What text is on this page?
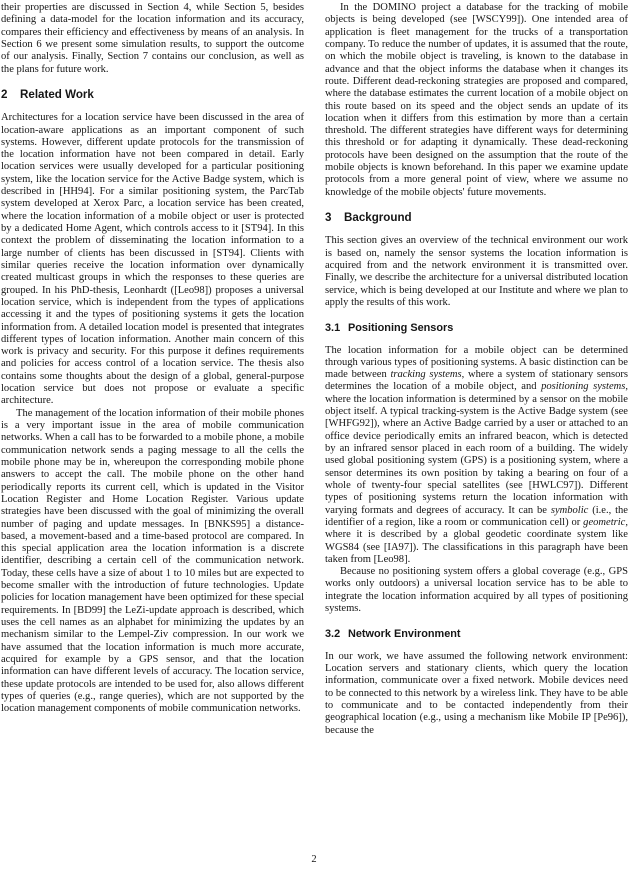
their properties are discussed in Section 4, while Section 5, besides defining a data-model for the location information and its accuracy, compares their efficiency and effectiveness by means of an analysis. In Section 6 we present some simulation results, to support the outcome of our analysis. Finally, Section 7 contains our conclusion, as well as the plans for future work.

2 Related Work

Architectures for a location service have been discussed in the area of location-aware applications as an important component of such systems. However, different update protocols for the transmission of the location information have not been compared in detail. Early location services were usually developed for a particular positioning system, like the location service for the Active Badge system, which is described in [HH94]. For a similar positioning system, the ParcTab system developed at Xerox Parc, a location service has been created, where the location information of a mobile object or user is protected by a dedicated Home Agent, which controls access to it [ST94]. In this context the problem of disseminating the location information to a large number of clients has been discussed in [ST94]. Clients with similar queries receive the location information over dynamically created multicast groups in which the responses to these queries are grouped. In his PhD-thesis, Leonhardt ([Leo98]) proposes a universal location service, which is independent from the types of applications accessing it and the types of positioning systems it gets the location information from. A detailed location model is presented that integrates different types of location information. Another main concern of this work is privacy and security. For this purpose it defines requirements and policies for access control of a location service. The thesis also contains some thoughts about the design of a global, general-purpose location service but does not propose or evaluate a specific architecture.

The management of the location information of their mobile phones is a very important issue in the area of mobile communication networks. When a call has to be forwarded to a mobile phone, a mobile communication network sends a paging message to all the cells the mobile phone may be in, whereupon the corresponding mobile phone answers to accept the call. The mobile phone on the other hand periodically reports its current cell, which is updated in the Visitor Location Register and Home Location Register. Various update strategies have been discussed with the goal of minimizing the overall number of paging and update messages. In [BNKS95] a distance-based, a movement-based and a time-based protocol are compared. In this special application area the location information is a discrete identifier, describing a certain cell of the communication network. Today, these cells have a size of about 1 to 10 miles but are expected to become smaller with the introduction of future technologies. Update policies for location management have been optimized for these special requirements. In [BD99] the LeZi-update approach is described, which uses the cell names as an alphabet for minimizing the updates by an mechanism similar to the Lempel-Ziv compression. In our work we have assumed that the location information is much more accurate, acquired for example by a GPS sensor, and that the location information can have different levels of accuracy. The location service, these update protocols are intended to be used for, also allows different types of queries (e.g., range queries), which are not supported by the location management components of mobile communication networks.

In the DOMINO project a database for the tracking of mobile objects is being developed (see [WSCY99]). One intended area of application is fleet management for the trucks of a transportation company. To reduce the number of updates, it is assumed that the route, on which the mobile object is traveling, is known to the database in advance and that the object informs the database when it changes its route. Different dead-reckoning strategies are proposed and compared, where the database estimates the current location of a mobile object on this route based on its speed and the object sends an update of its location when it differs from this estimation by more than a certain threshold. The different strategies have different ways for determining this threshold or for adapting it dynamically. These dead-reckoning protocols have been designed on the assumption that the route of the mobile objects is known beforehand. In this paper we examine update protocols from a more general point of view, where we assume no knowledge of the mobile objects' future movements.

3 Background

This section gives an overview of the technical environment our work is based on, namely the sensor systems the location information is acquired from and the network environment it is transmitted over. Finally, we describe the architecture for a universal distributed location service, which is being developed at our Institute and where we plan to apply the results of this work.

3.1 Positioning Sensors

The location information for a mobile object can be determined through various types of positioning systems. A basic distinction can be made between tracking systems, where a system of stationary sensors determines the location of a mobile object, and positioning systems, where the location information is determined by a sensor on the mobile object itself. A typical tracking-system is the Active Badge system (see [WHFG92]), where an Active Badge carried by a user or attached to an office device periodically emits an infrared beacon, which is detected by an infrared sensor placed in each room of a building. The widely used global positioning system (GPS) is a positioning system, where a sensor determines its own position by taking a bearing on four of a whole of twenty-four special satellites (see [HWLC97]). Different types of positioning systems return the location information with varying formats and degrees of accuracy. It can be symbolic (i.e., the identifier of a region, like a room or communication cell) or geometric, where it is described by a global geodetic coordinate system like WGS84 (see [IA97]). The classifications in this paragraph have been taken from [Leo98].

Because no positioning system offers a global coverage (e.g., GPS works only outdoors) a universal location service has to be able to integrate the location information acquired by all types of positioning systems.

3.2 Network Environment

In our work, we have assumed the following network environment: Location servers and stationary clients, which query the location information, communicate over a fixed network. Mobile devices need to be connected to this network by a wireless link. They have to be able to communicate and to be contacted independently from their geographical location (e.g., using a mechanism like Mobile IP [Pe96]), because the

2
